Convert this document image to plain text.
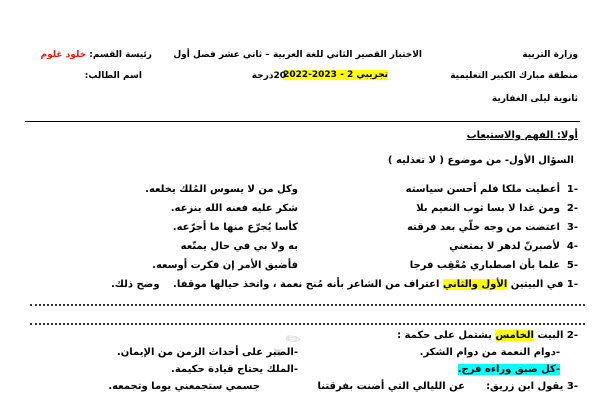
✎ ✦
وزارة التربية
الاختبار القصير الثاني للغة العربية – ثاني عشر فصل أول
رئيسة القسم: خلود غلوم
منطقة مبارك الكبير التعليمية
تجريبي 2 - 2023-2022
20درجة
اسم الطالب:
ثانوية ليلى الغفارية
أولا: الفهم والاستيعاب
السؤال الأول- من موضوع ( لا تعذليه )
-1
أعطيت ملكا فلم أحسن سياسته
وكل من لا يسوس المُلك يخلعه.
-2
ومن غدا لا بسا ثوب النعيم بلا
شكر عليه فعنه الله ينزعه.
-3
اعتضت من وجه خلّي بعد فرقته
كأسا يُجرّع منها ما أجرّعه.
-4
لأصبرنّ لدهر لا يمتعني
به ولا بي في حال يمتّعه
-5
علما بأن اصطباري مُعْقِب فرجا
فأضيق الأمر إن فكرت أوسعه.
-1 في البيتين الأول والثاني اعتراف من الشاعر بأنه مُنح نعمة ، واتخذ حيالها موقفا. وضح ذلك.
-2 البيت الخامس يشتمل على حكمة :
-دوام النعمة من دوام الشكر.
-الصبر على أحداث الزمن من الإيمان.
-الملك يحتاج قيادة حكيمة.	-كل ضيق وراءه فرج.
-3 يقول ابن زريق:
عن الليالي التي أضنت بفرقتنا
جسمي ستجمعني يوما وتجمعه.
